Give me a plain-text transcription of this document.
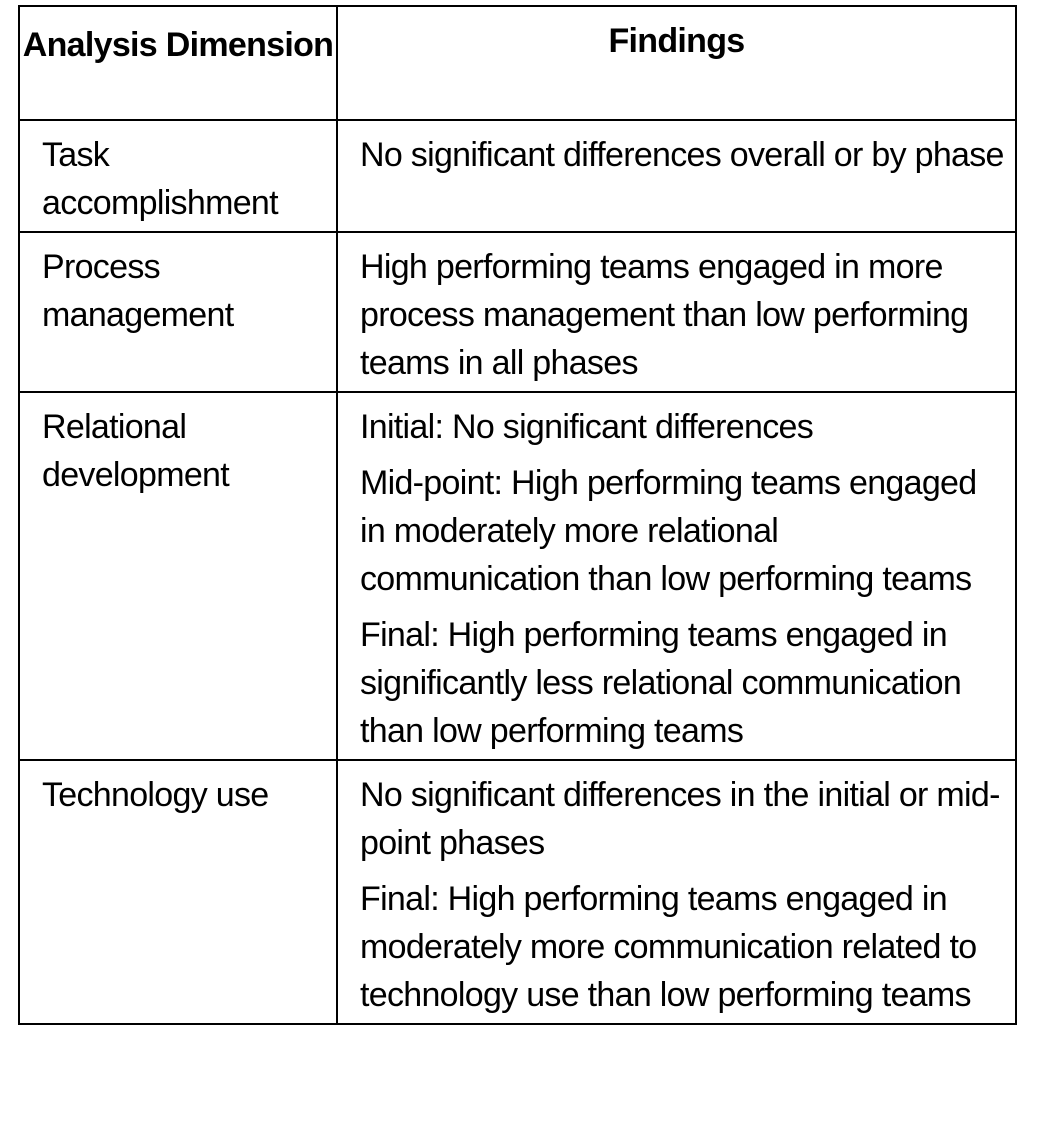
Analysis Dimension	Findings
Task accomplishment	No significant differences overall or by phase

Process management	High performing teams engaged in more process management than low performing teams in all phases

Relational development	Initial: No significant differences
Mid-point: High performing teams engaged in moderately more relational communication than low performing teams
Final: High performing teams engaged in significantly less relational communication than low performing teams

Technology use	No significant differences in the initial or mid-point phases
Final: High performing teams engaged in moderately more communication related to technology use than low performing teams
